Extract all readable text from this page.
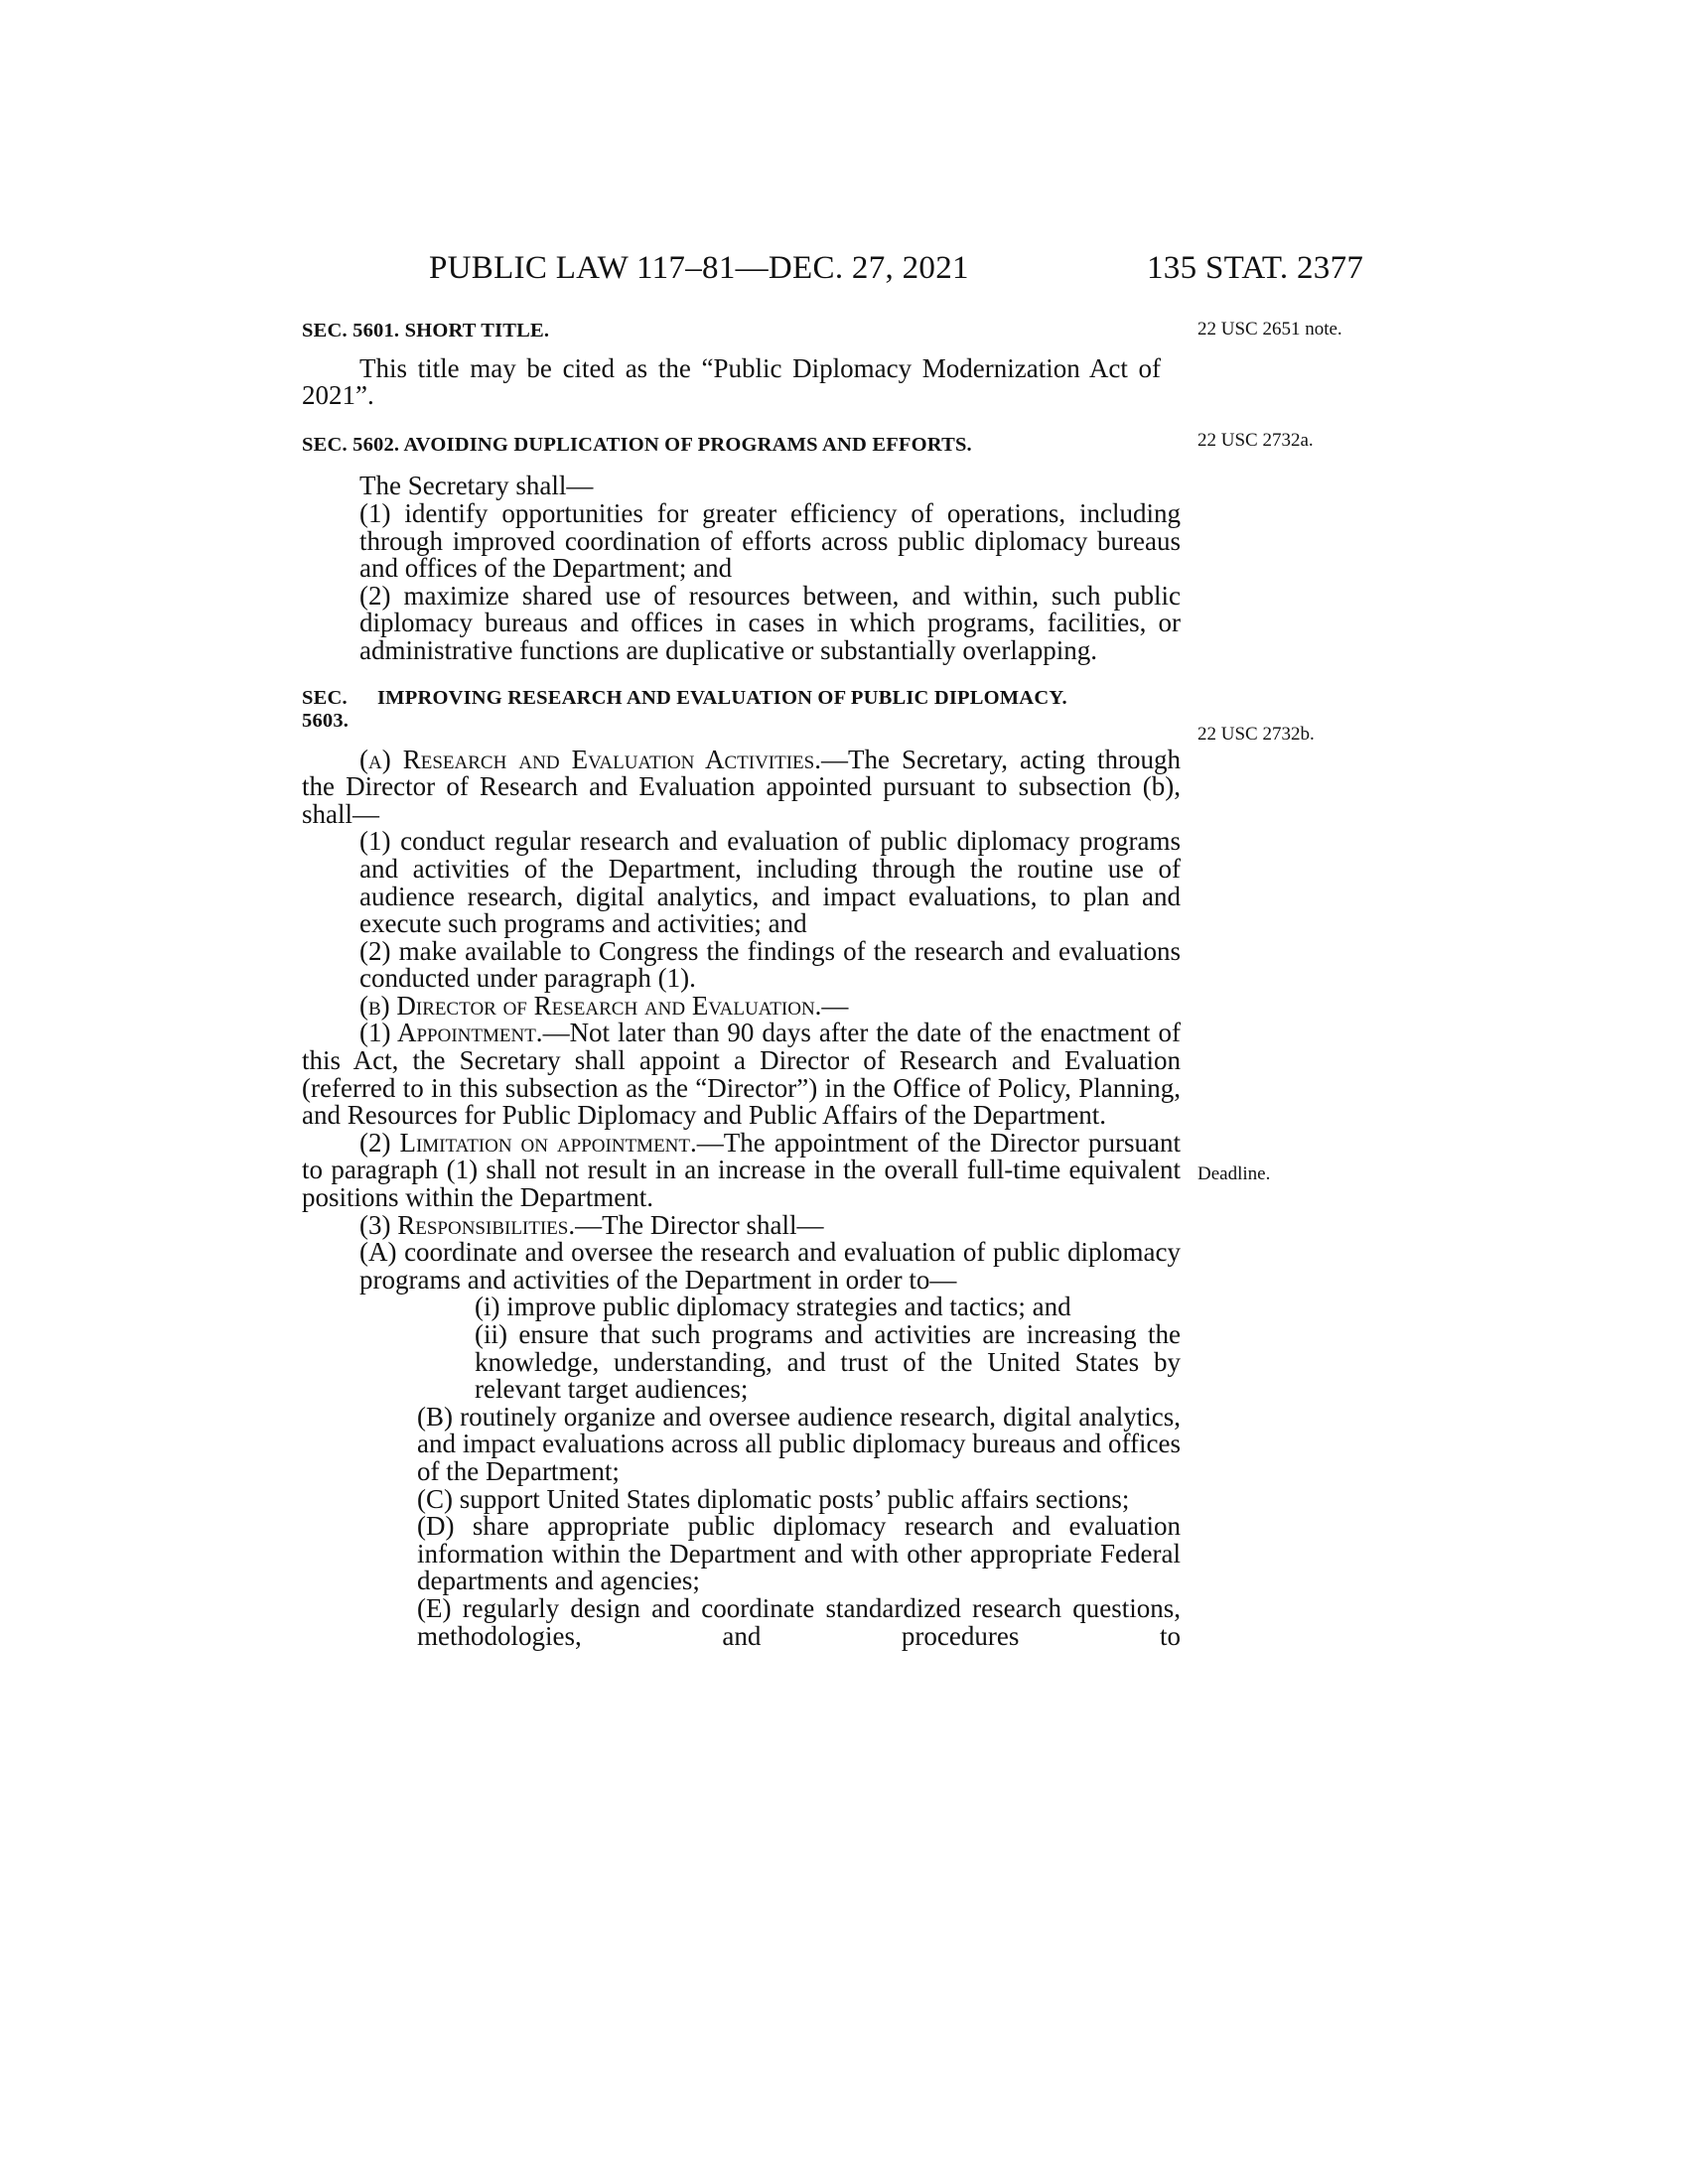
PUBLIC LAW 117–81—DEC. 27, 2021	135 STAT. 2377
22 USC 2651 note.
22 USC 2732a.
22 USC 2732b.
Deadline.
SEC. 5601. SHORT TITLE.
This title may be cited as the “Public Diplomacy Modernization Act of 2021”.
SEC. 5602. AVOIDING DUPLICATION OF PROGRAMS AND EFFORTS.
The Secretary shall—
(1) identify opportunities for greater efficiency of operations, including through improved coordination of efforts across public diplomacy bureaus and offices of the Department; and
(2) maximize shared use of resources between, and within, such public diplomacy bureaus and offices in cases in which programs, facilities, or administrative functions are duplicative or substantially overlapping.
SEC. 5603.
IMPROVING RESEARCH AND EVALUATION OF PUBLIC DIPLOMACY.
(a) Research and Evaluation Activities.—The Secretary, acting through the Director of Research and Evaluation appointed pursuant to subsection (b), shall—
(1) conduct regular research and evaluation of public diplomacy programs and activities of the Department, including through the routine use of audience research, digital analytics, and impact evaluations, to plan and execute such programs and activities; and
(2) make available to Congress the findings of the research and evaluations conducted under paragraph (1).
(b) Director of Research and Evaluation.—
(1) Appointment.—Not later than 90 days after the date of the enactment of this Act, the Secretary shall appoint a Director of Research and Evaluation (referred to in this subsection as the “Director”) in the Office of Policy, Planning, and Resources for Public Diplomacy and Public Affairs of the Department.
(2) Limitation on appointment.—The appointment of the Director pursuant to paragraph (1) shall not result in an increase in the overall full-time equivalent positions within the Department.
(3) Responsibilities.—The Director shall—
(A) coordinate and oversee the research and evaluation of public diplomacy programs and activities of the Department in order to—
(i) improve public diplomacy strategies and tactics; and
(ii) ensure that such programs and activities are increasing the knowledge, understanding, and trust of the United States by relevant target audiences;
(B) routinely organize and oversee audience research, digital analytics, and impact evaluations across all public diplomacy bureaus and offices of the Department;
(C) support United States diplomatic posts’ public affairs sections;
(D) share appropriate public diplomacy research and evaluation information within the Department and with other appropriate Federal departments and agencies;
(E) regularly design and coordinate standardized research questions, methodologies, and procedures to
